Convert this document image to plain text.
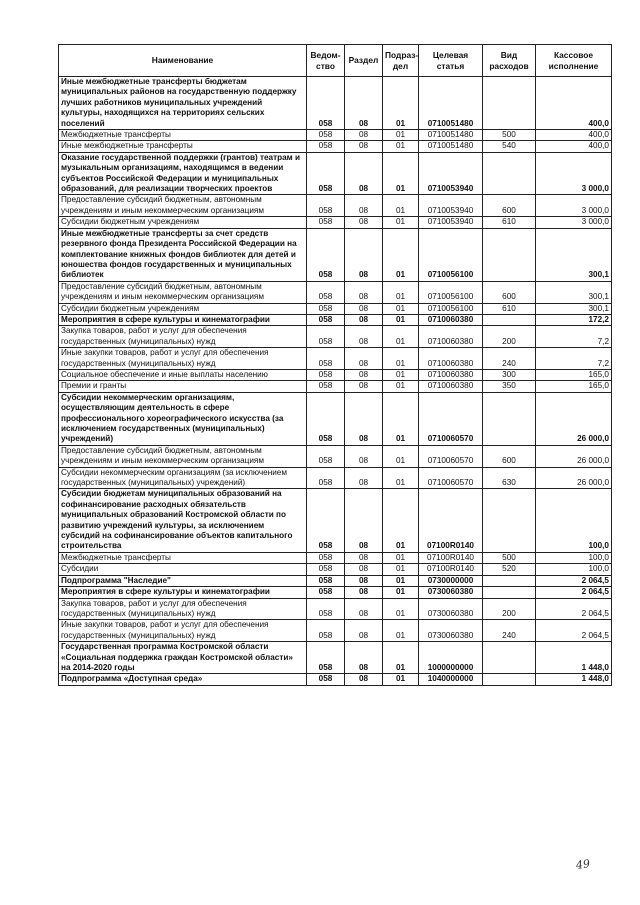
Наименование	Ведом-ство	Раздел	Подраз-дел	Целевая статья	Вид расходов	Кассовое исполнение
Иные межбюджетные трансферты бюджетам муниципальных районов на государственную поддержку лучших работников муниципальных учреждений культуры, находящихся на территориях сельских поселений	058	08	01	0710051480		400,0
Межбюджетные трансферты	058	08	01	0710051480	500	400,0
Иные межбюджетные трансферты	058	08	01	0710051480	540	400,0
Оказание государственной поддержки (грантов) театрам и музыкальным организациям, находящимся в ведении субъектов Российской Федерации и муниципальных образований, для реализации творческих проектов	058	08	01	0710053940		3 000,0
Предоставление субсидий бюджетным, автономным учреждениям и иным некоммерческим организациям	058	08	01	0710053940	600	3 000,0
Субсидии бюджетным учреждениям	058	08	01	0710053940	610	3 000,0
Иные межбюджетные трансферты за счет средств резервного фонда Президента Российской Федерации на комплектование книжных фондов библиотек для детей и юношества фондов государственных и муниципальных библиотек	058	08	01	0710056100		300,1
Предоставление субсидий бюджетным, автономным учреждениям и иным некоммерческим организациям	058	08	01	0710056100	600	300,1
Субсидии бюджетным учреждениям	058	08	01	0710056100	610	300,1
Мероприятия в сфере культуры и кинематографии	058	08	01	0710060380		172,2
Закупка товаров, работ и услуг для обеспечения государственных (муниципальных) нужд	058	08	01	0710060380	200	7,2
Иные закупки товаров, работ и услуг для обеспечения государственных (муниципальных) нужд	058	08	01	0710060380	240	7,2
Социальное обеспечение и иные выплаты населению	058	08	01	0710060380	300	165,0
Премии и гранты	058	08	01	0710060380	350	165,0
Субсидии некоммерческим организациям, осуществляющим деятельность в сфере профессионального хореографического искусства (за исключением государственных (муниципальных) учреждений)	058	08	01	0710060570		26 000,0
Предоставление субсидий бюджетным, автономным учреждениям и иным некоммерческим организациям	058	08	01	0710060570	600	26 000,0
Субсидии некоммерческим организациям (за исключением государственных (муниципальных) учреждений)	058	08	01	0710060570	630	26 000,0
Субсидии бюджетам муниципальных образований на софинансирование расходных обязательств муниципальных образований Костромской области по развитию учреждений культуры, за исключением субсидий на софинансирование объектов капитального строительства	058	08	01	07100R0140		100,0
Межбюджетные трансферты	058	08	01	07100R0140	500	100,0
Субсидии	058	08	01	07100R0140	520	100,0
Подпрограмма "Наследие"	058	08	01	0730000000		2 064,5
Мероприятия в сфере культуры и кинематографии	058	08	01	0730060380		2 064,5
Закупка товаров, работ и услуг для обеспечения государственных (муниципальных) нужд	058	08	01	0730060380	200	2 064,5
Иные закупки товаров, работ и услуг для обеспечения государственных (муниципальных) нужд	058	08	01	0730060380	240	2 064,5
Государственная программа Костромской области «Социальная поддержка граждан Костромской области» на 2014-2020 годы	058	08	01	1000000000		1 448,0
Подпрограмма «Доступная среда»	058	08	01	1040000000		1 448,0
49
